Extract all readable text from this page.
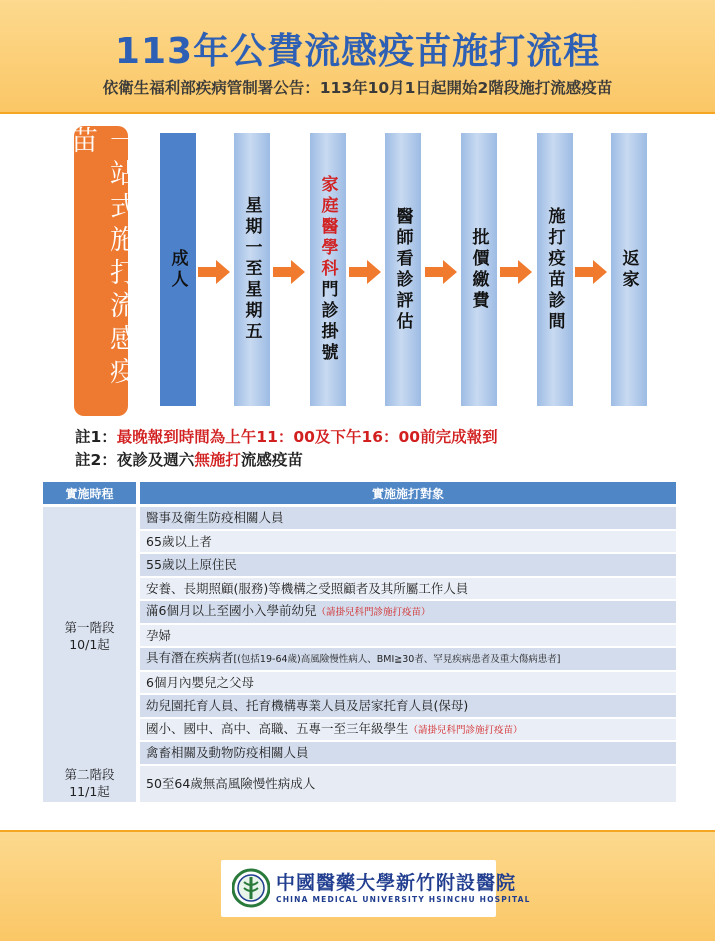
113年公費流感疫苗施打流程
依衛生福利部疾病管制署公告：113年10月1日起開始2階段施打流感疫苗
一站式施打流感疫苗
成人	星期一至星期五	家庭醫學科
門診掛號	醫師看診評估	批價繳費	施打疫苗診間	返家
註1：最晚報到時間為上午11：00及下午16：00前完成報到
註2：夜診及週六無施打流感疫苗
實施時程	實施施打對象
第一階段
10/1起	醫事及衛生防疫相關人員
	65歲以上者
	55歲以上原住民
	安養、長期照顧(服務)等機構之受照顧者及其所屬工作人員
	滿6個月以上至國小入學前幼兒（請掛兒科門診施打疫苗）
	孕婦
	具有潛在疾病者[(包括19-64歲)高風險慢性病人、BMI≧30者、罕見疾病患者及重大傷病患者]
	6個月內嬰兒之父母
	幼兒園托育人員、托育機構專業人員及居家托育人員(保母)
	國小、國中、高中、高職、五專一至三年級學生（請掛兒科門診施打疫苗）
	禽畜相關及動物防疫相關人員
第二階段
11/1起	50至64歲無高風險慢性病成人
中國醫藥大學新竹附設醫院
CHINA MEDICAL UNIVERSITY HSINCHU HOSPITAL
